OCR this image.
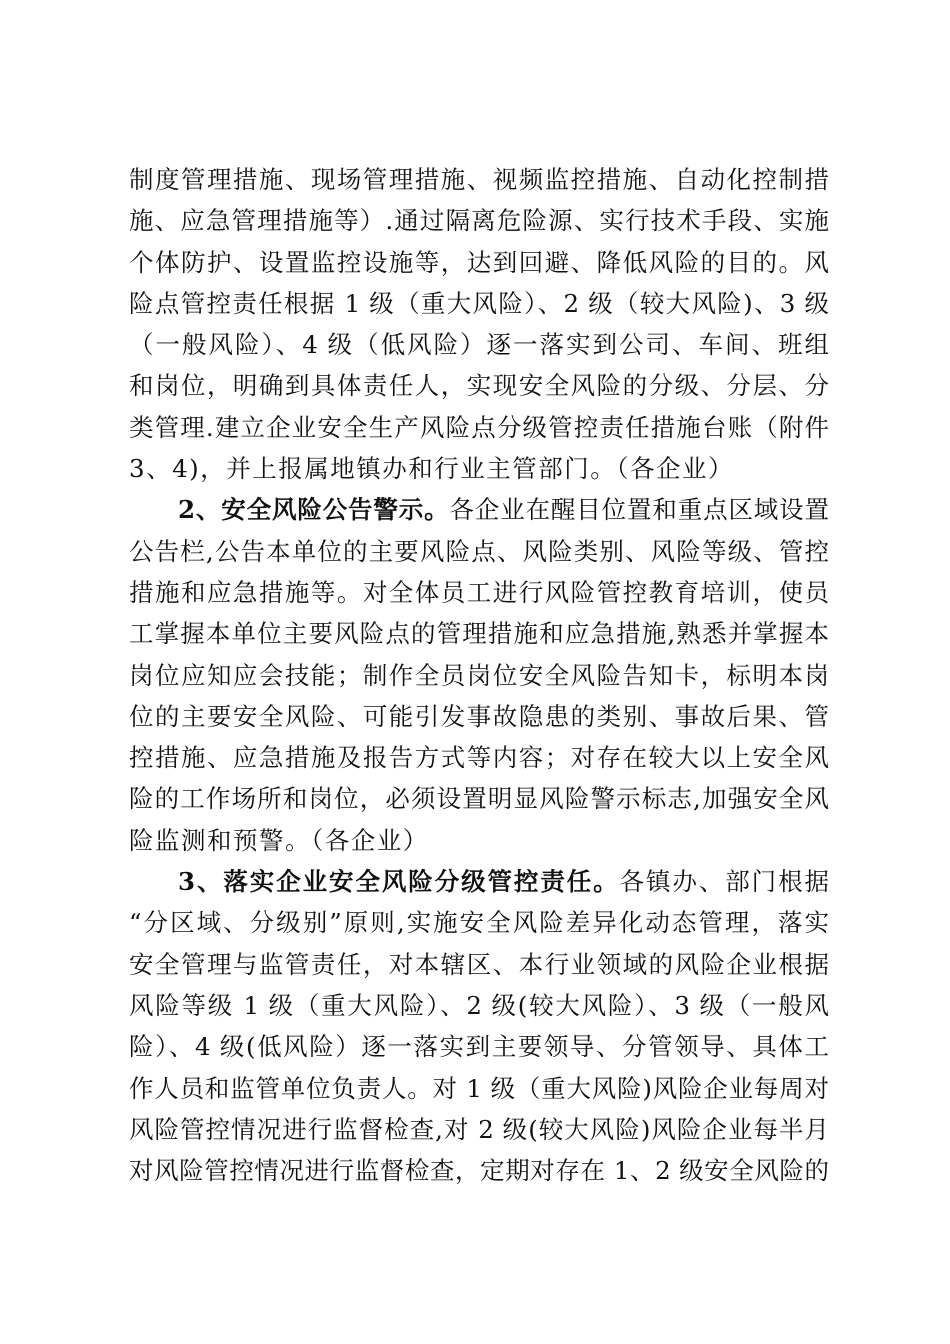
制度管理措施、现场管理措施、视频监控措施、自动化控制措
施、应急管理措施等）.通过隔离危险源、实行技术手段、实施
个体防护、设置监控设施等，达到回避、降低风险的目的。风
险点管控责任根据 1 级（重大风险）、2 级（较大风险)、3 级
（一般风险）、4 级（低风险）逐一落实到公司、车间、班组
和岗位，明确到具体责任人，实现安全风险的分级、分层、分
类管理.建立企业安全生产风险点分级管控责任措施台账（附件
3、4)，并上报属地镇办和行业主管部门。（各企业）
2、安全风险公告警示。各企业在醒目位置和重点区域设置
公告栏,公告本单位的主要风险点、风险类别、风险等级、管控
措施和应急措施等。对全体员工进行风险管控教育培训，使员
工掌握本单位主要风险点的管理措施和应急措施,熟悉并掌握本
岗位应知应会技能；制作全员岗位安全风险告知卡，标明本岗
位的主要安全风险、可能引发事故隐患的类别、事故后果、管
控措施、应急措施及报告方式等内容；对存在较大以上安全风
险的工作场所和岗位，必须设置明显风险警示标志,加强安全风
险监测和预警。（各企业）
3、落实企业安全风险分级管控责任。各镇办、部门根据
“分区域、分级别”原则,实施安全风险差异化动态管理，落实
安全管理与监管责任，对本辖区、本行业领域的风险企业根据
风险等级 1 级（重大风险）、2 级(较大风险）、3 级（一般风
险）、4 级(低风险）逐一落实到主要领导、分管领导、具体工
作人员和监管单位负责人。对 1 级（重大风险)风险企业每周对
风险管控情况进行监督检查,对 2 级(较大风险)风险企业每半月
对风险管控情况进行监督检查，定期对存在 1、2 级安全风险的
